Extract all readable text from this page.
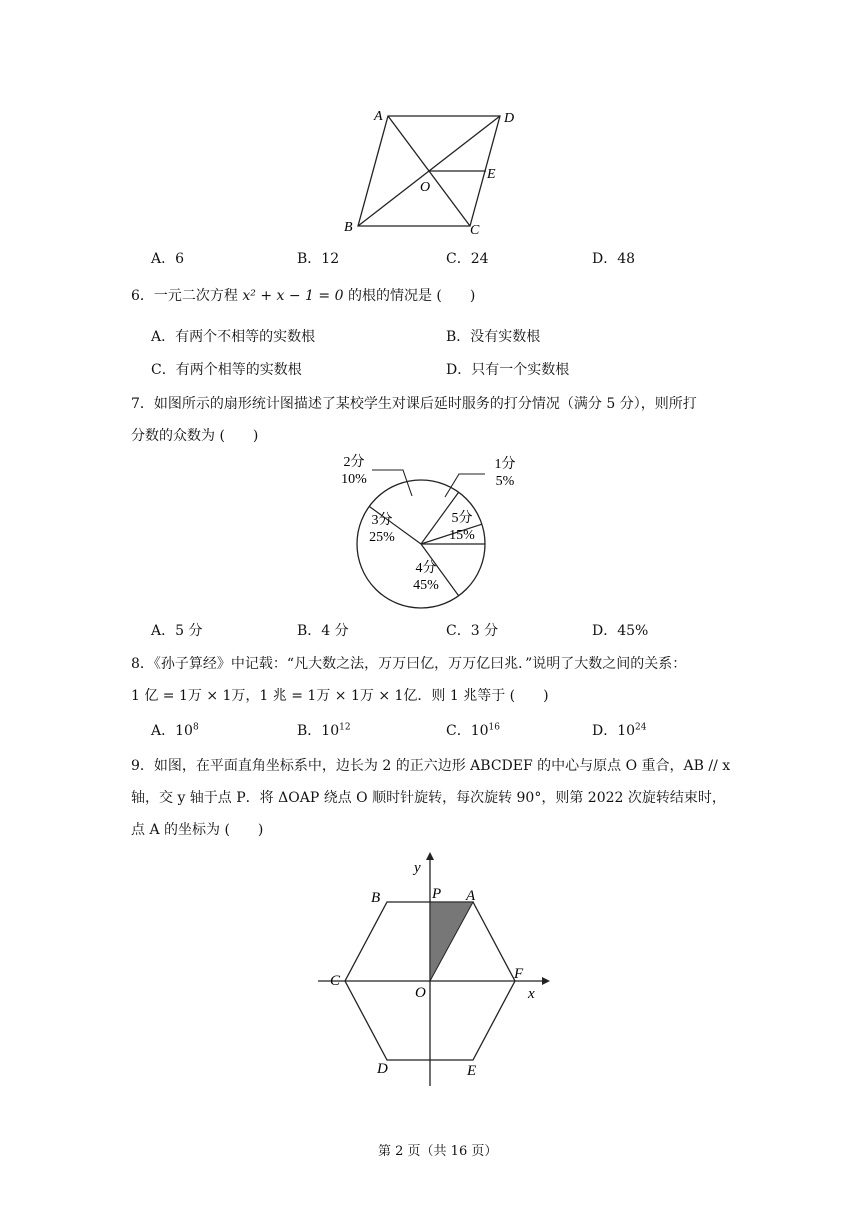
A	D
E
O
B	C
A．6	B．12	C．24	D．48
6．一元二次方程 x² + x − 1 = 0 的根的情况是 (　　)
A．有两个不相等的实数根	B．没有实数根
C．有两个相等的实数根	D．只有一个实数根
7．如图所示的扇形统计图描述了某校学生对课后延时服务的打分情况（满分 5 分），则所打
分数的众数为 (　　)
1分
5%
2分
10%
3分
25%
4分
45%
5分
15%
A．5 分	B．4 分	C．3 分	D．45%
8．《孙子算经》中记载：“凡大数之法，万万曰亿，万万亿曰兆．”说明了大数之间的关系：
1 亿 = 1万 × 1万，1 兆 = 1万 × 1万 × 1亿．则 1 兆等于 (　　)
A．$10^8$	B．$10^{12}$	C．$10^{16}$	D．$10^{24}$
9．如图，在平面直角坐标系中，边长为 2 的正六边形 ABCDEF 的中心与原点 O 重合，AB // x
轴，交 y 轴于点 P．将 ΔOAP 绕点 O 顺时针旋转，每次旋转 90°，则第 2022 次旋转结束时，
点 A 的坐标为 (　　)
y
P A
B
C	F
x
O
D	E
第 2 页（共 16 页）
